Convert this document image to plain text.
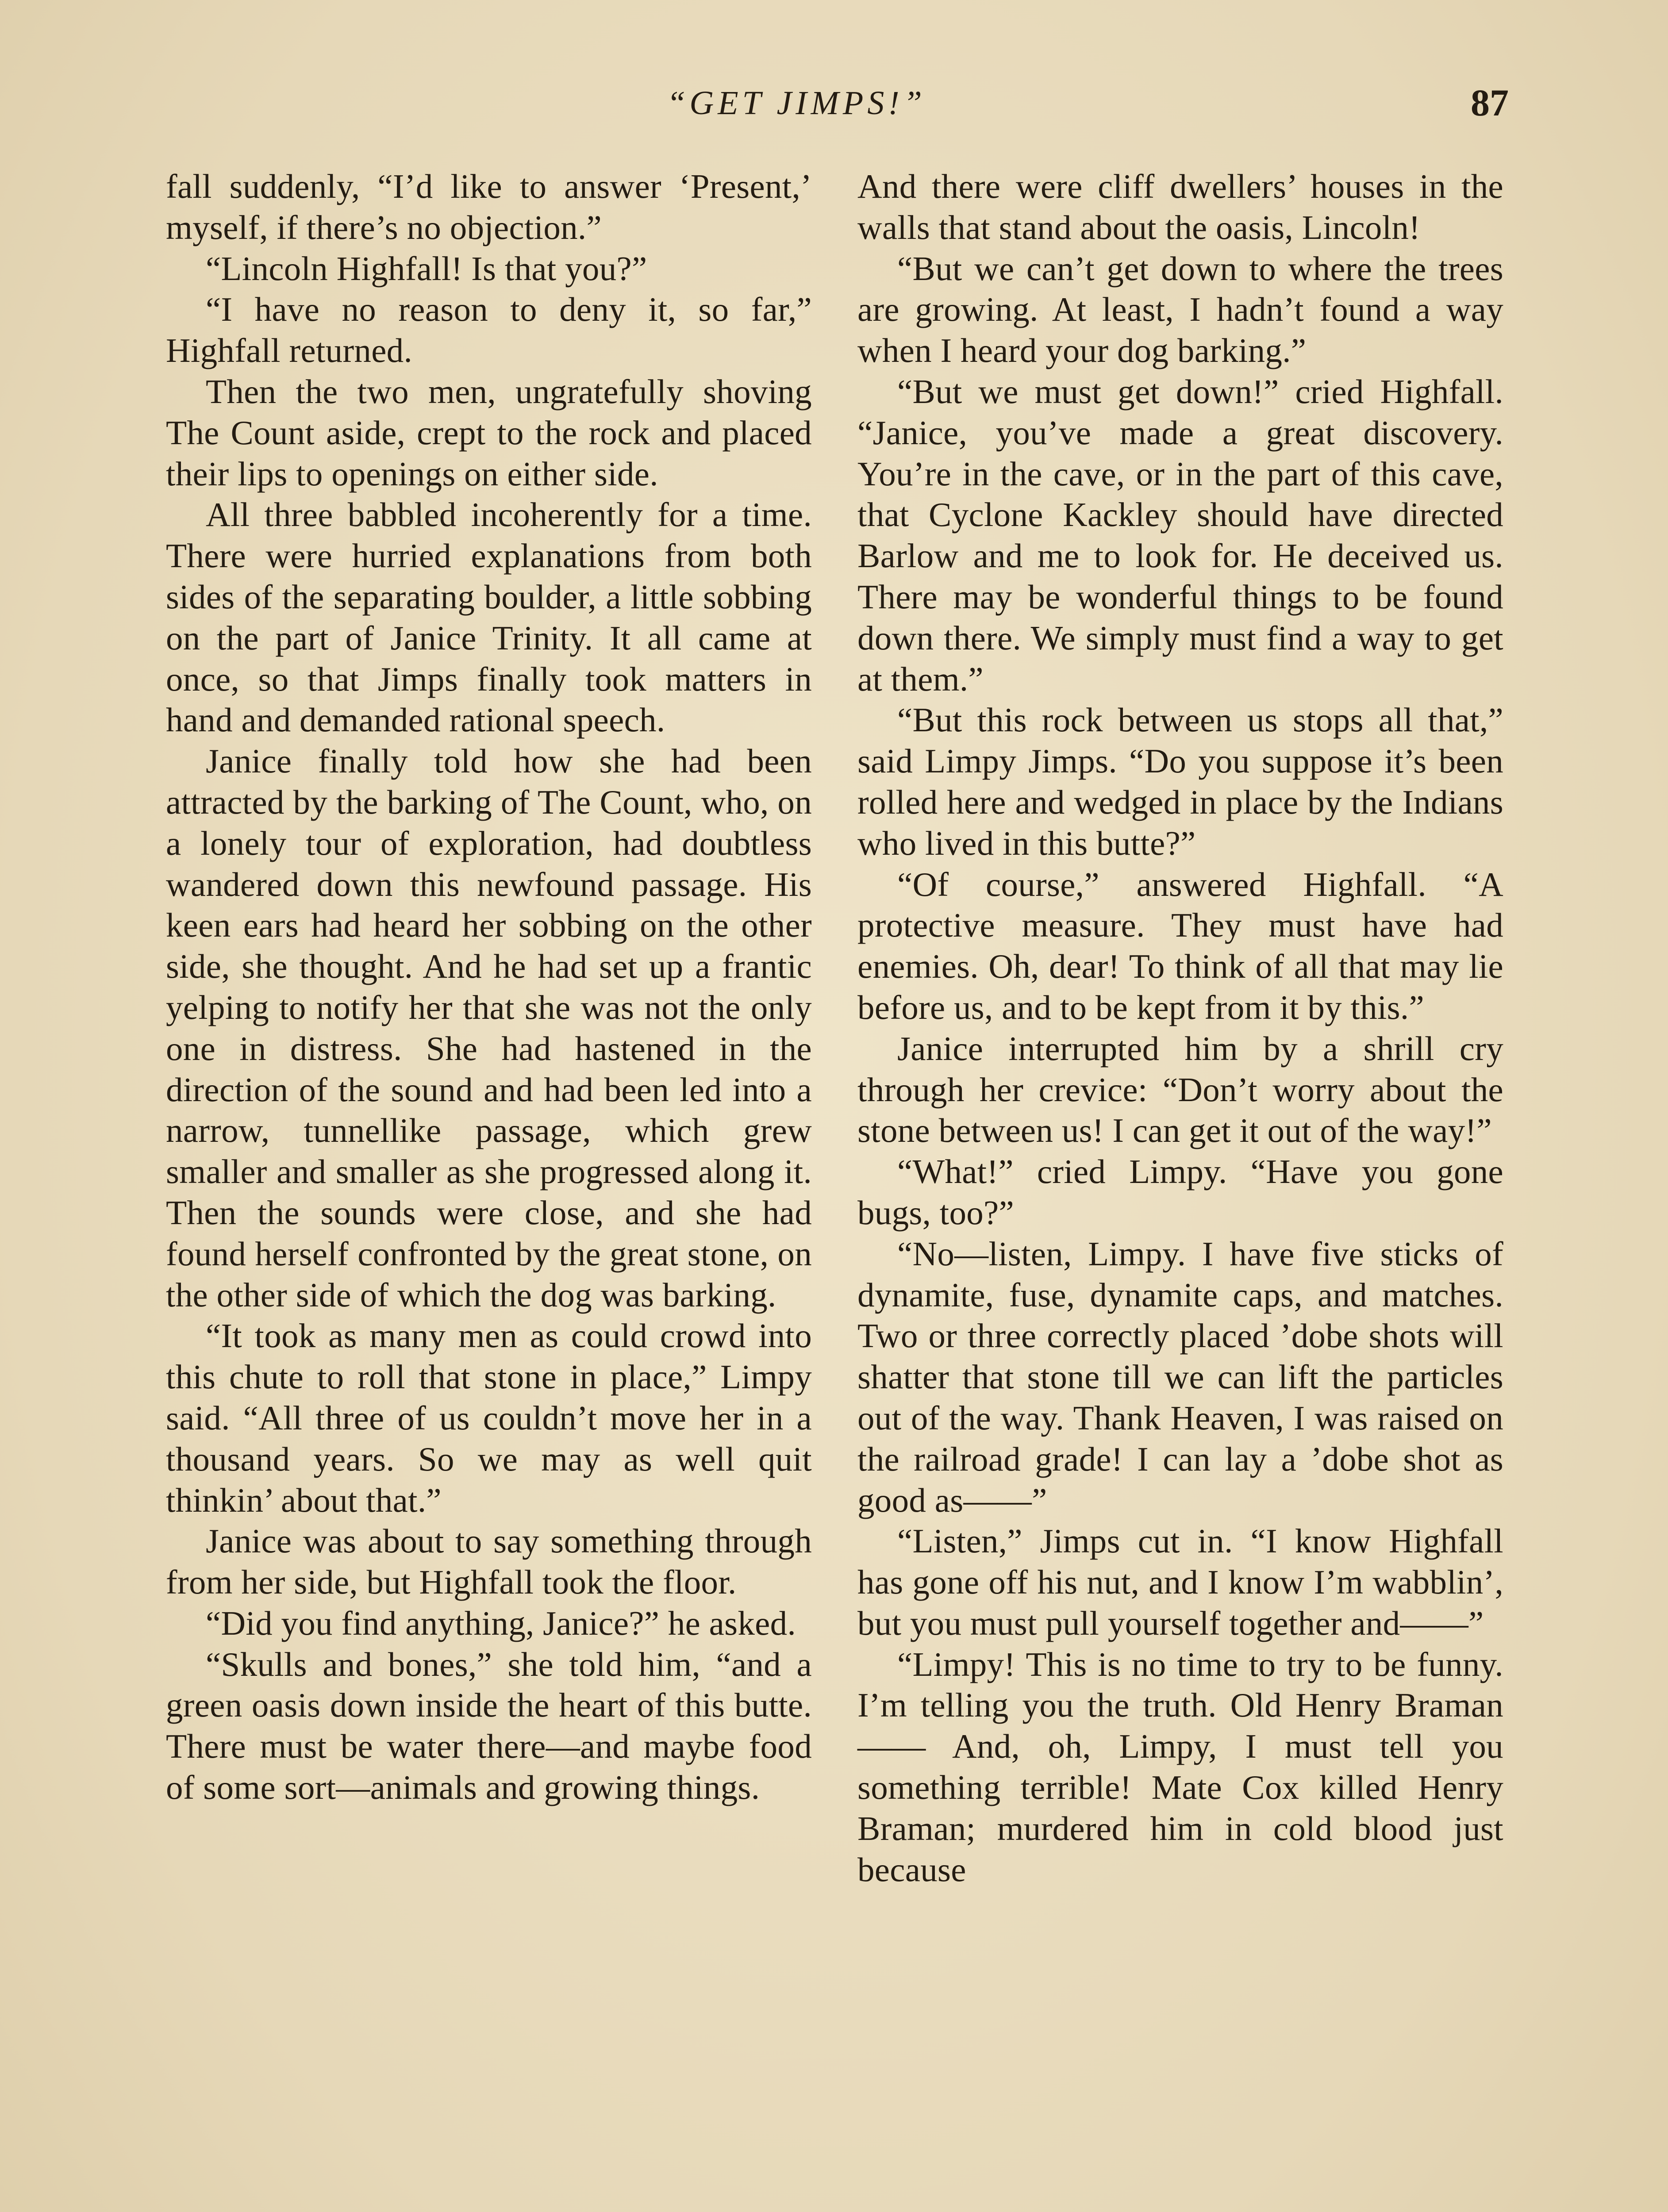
“GET JIMPS!”	87

fall suddenly, “I’d like to answer ‘Present,’ myself, if there’s no objection.”

“Lincoln Highfall! Is that you?”

“I have no reason to deny it, so far,” Highfall returned.

Then the two men, ungratefully shoving The Count aside, crept to the rock and placed their lips to openings on either side.

All three babbled incoherently for a time. There were hurried explanations from both sides of the separating boulder, a little sobbing on the part of Janice Trinity. It all came at once, so that Jimps finally took matters in hand and demanded rational speech.

Janice finally told how she had been attracted by the barking of The Count, who, on a lonely tour of exploration, had doubtless wandered down this newfound passage. His keen ears had heard her sobbing on the other side, she thought. And he had set up a frantic yelping to notify her that she was not the only one in distress. She had hastened in the direction of the sound and had been led into a narrow, tunnellike passage, which grew smaller and smaller as she progressed along it. Then the sounds were close, and she had found herself confronted by the great stone, on the other side of which the dog was barking.

“It took as many men as could crowd into this chute to roll that stone in place,” Limpy said. “All three of us couldn’t move her in a thousand years. So we may as well quit thinkin’ about that.”

Janice was about to say something through from her side, but Highfall took the floor.

“Did you find anything, Janice?” he asked.

“Skulls and bones,” she told him, “and a green oasis down inside the heart of this butte. There must be water there—and maybe food of some sort—animals and growing things.

And there were cliff dwellers’ houses in the walls that stand about the oasis, Lincoln!

“But we can’t get down to where the trees are growing. At least, I hadn’t found a way when I heard your dog barking.”

“But we must get down!” cried Highfall. “Janice, you’ve made a great discovery. You’re in the cave, or in the part of this cave, that Cyclone Kackley should have directed Barlow and me to look for. He deceived us. There may be wonderful things to be found down there. We simply must find a way to get at them.”

“But this rock between us stops all that,” said Limpy Jimps. “Do you suppose it’s been rolled here and wedged in place by the Indians who lived in this butte?”

“Of course,” answered Highfall. “A protective measure. They must have had enemies. Oh, dear! To think of all that may lie before us, and to be kept from it by this.”

Janice interrupted him by a shrill cry through her crevice: “Don’t worry about the stone between us! I can get it out of the way!”

“What!” cried Limpy. “Have you gone bugs, too?”

“No—listen, Limpy. I have five sticks of dynamite, fuse, dynamite caps, and matches. Two or three correctly placed ’dobe shots will shatter that stone till we can lift the particles out of the way. Thank Heaven, I was raised on the railroad grade! I can lay a ’dobe shot as good as——”

“Listen,” Jimps cut in. “I know Highfall has gone off his nut, and I know I’m wabblin’, but you must pull yourself together and——”

“Limpy! This is no time to try to be funny. I’m telling you the truth. Old Henry Braman—— And, oh, Limpy, I must tell you something terrible! Mate Cox killed Henry Braman; murdered him in cold blood just because
